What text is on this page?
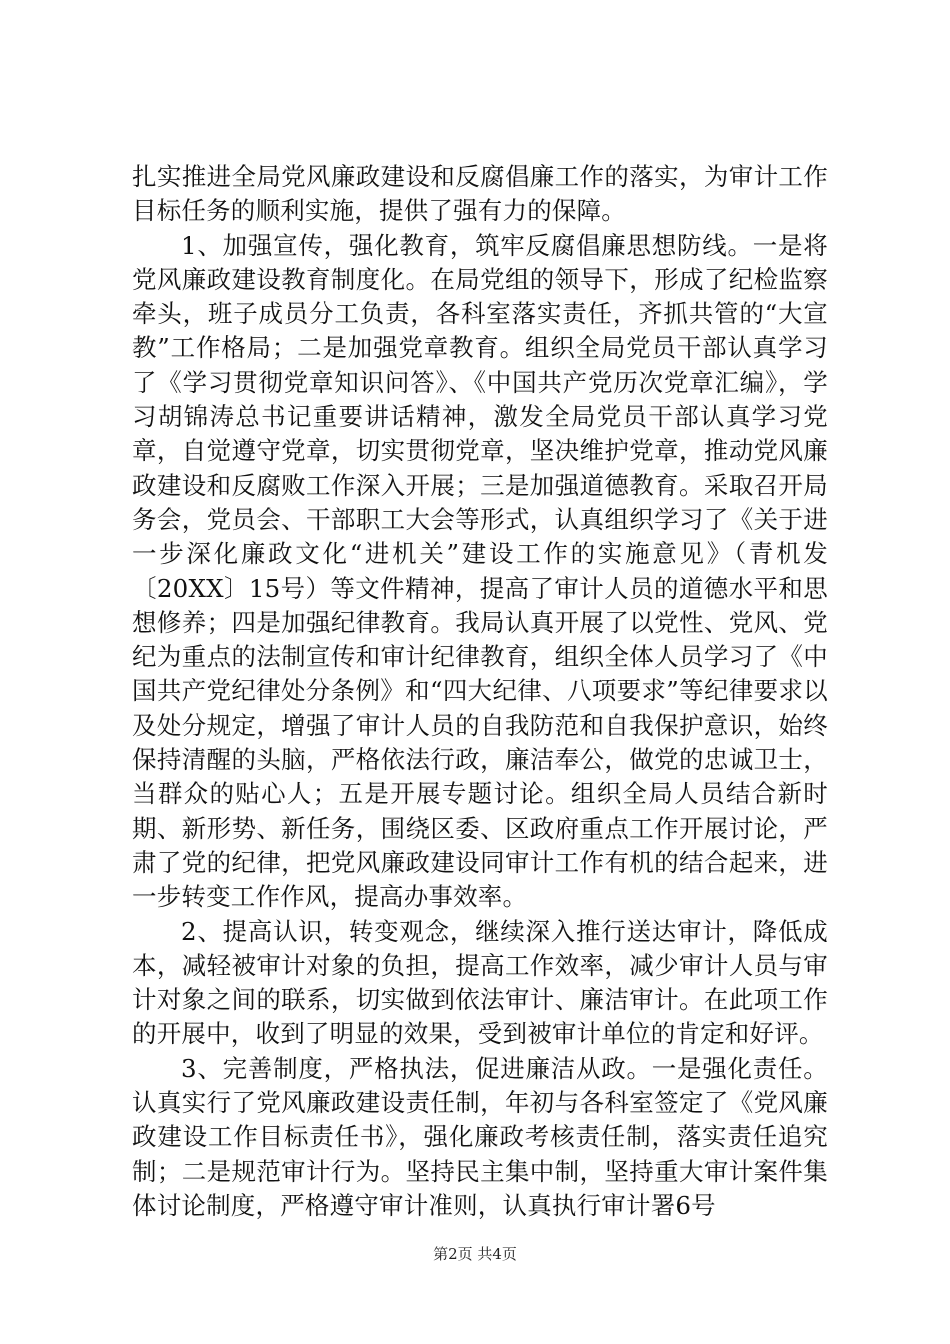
扎实推进全局党风廉政建设和反腐倡廉工作的落实，为审计工作目标任务的顺利实施，提供了强有力的保障。

1、加强宣传，强化教育，筑牢反腐倡廉思想防线。一是将党风廉政建设教育制度化。在局党组的领导下，形成了纪检监察牵头，班子成员分工负责，各科室落实责任，齐抓共管的“大宣教”工作格局；二是加强党章教育。组织全局党员干部认真学习了《学习贯彻党章知识问答》、《中国共产党历次党章汇编》，学习胡锦涛总书记重要讲话精神，激发全局党员干部认真学习党章，自觉遵守党章，切实贯彻党章，坚决维护党章，推动党风廉政建设和反腐败工作深入开展；三是加强道德教育。采取召开局务会，党员会、干部职工大会等形式，认真组织学习了《关于进一步深化廉政文化“进机关”建设工作的实施意见》（青机发〔20XX〕15号）等文件精神，提高了审计人员的道德水平和思想修养；四是加强纪律教育。我局认真开展了以党性、党风、党纪为重点的法制宣传和审计纪律教育，组织全体人员学习了《中国共产党纪律处分条例》和“四大纪律、八项要求”等纪律要求以及处分规定，增强了审计人员的自我防范和自我保护意识，始终保持清醒的头脑，严格依法行政，廉洁奉公，做党的忠诚卫士，当群众的贴心人；五是开展专题讨论。组织全局人员结合新时期、新形势、新任务，围绕区委、区政府重点工作开展讨论，严肃了党的纪律，把党风廉政建设同审计工作有机的结合起来，进一步转变工作作风，提高办事效率。

2、提高认识，转变观念，继续深入推行送达审计，降低成本，减轻被审计对象的负担，提高工作效率，减少审计人员与审计对象之间的联系，切实做到依法审计、廉洁审计。在此项工作的开展中，收到了明显的效果，受到被审计单位的肯定和好评。

3、完善制度，严格执法，促进廉洁从政。一是强化责任。认真实行了党风廉政建设责任制，年初与各科室签定了《党风廉政建设工作目标责任书》，强化廉政考核责任制，落实责任追究制；二是规范审计行为。坚持民主集中制，坚持重大审计案件集体讨论制度，严格遵守审计准则，认真执行审计署6号

第2页 共4页
